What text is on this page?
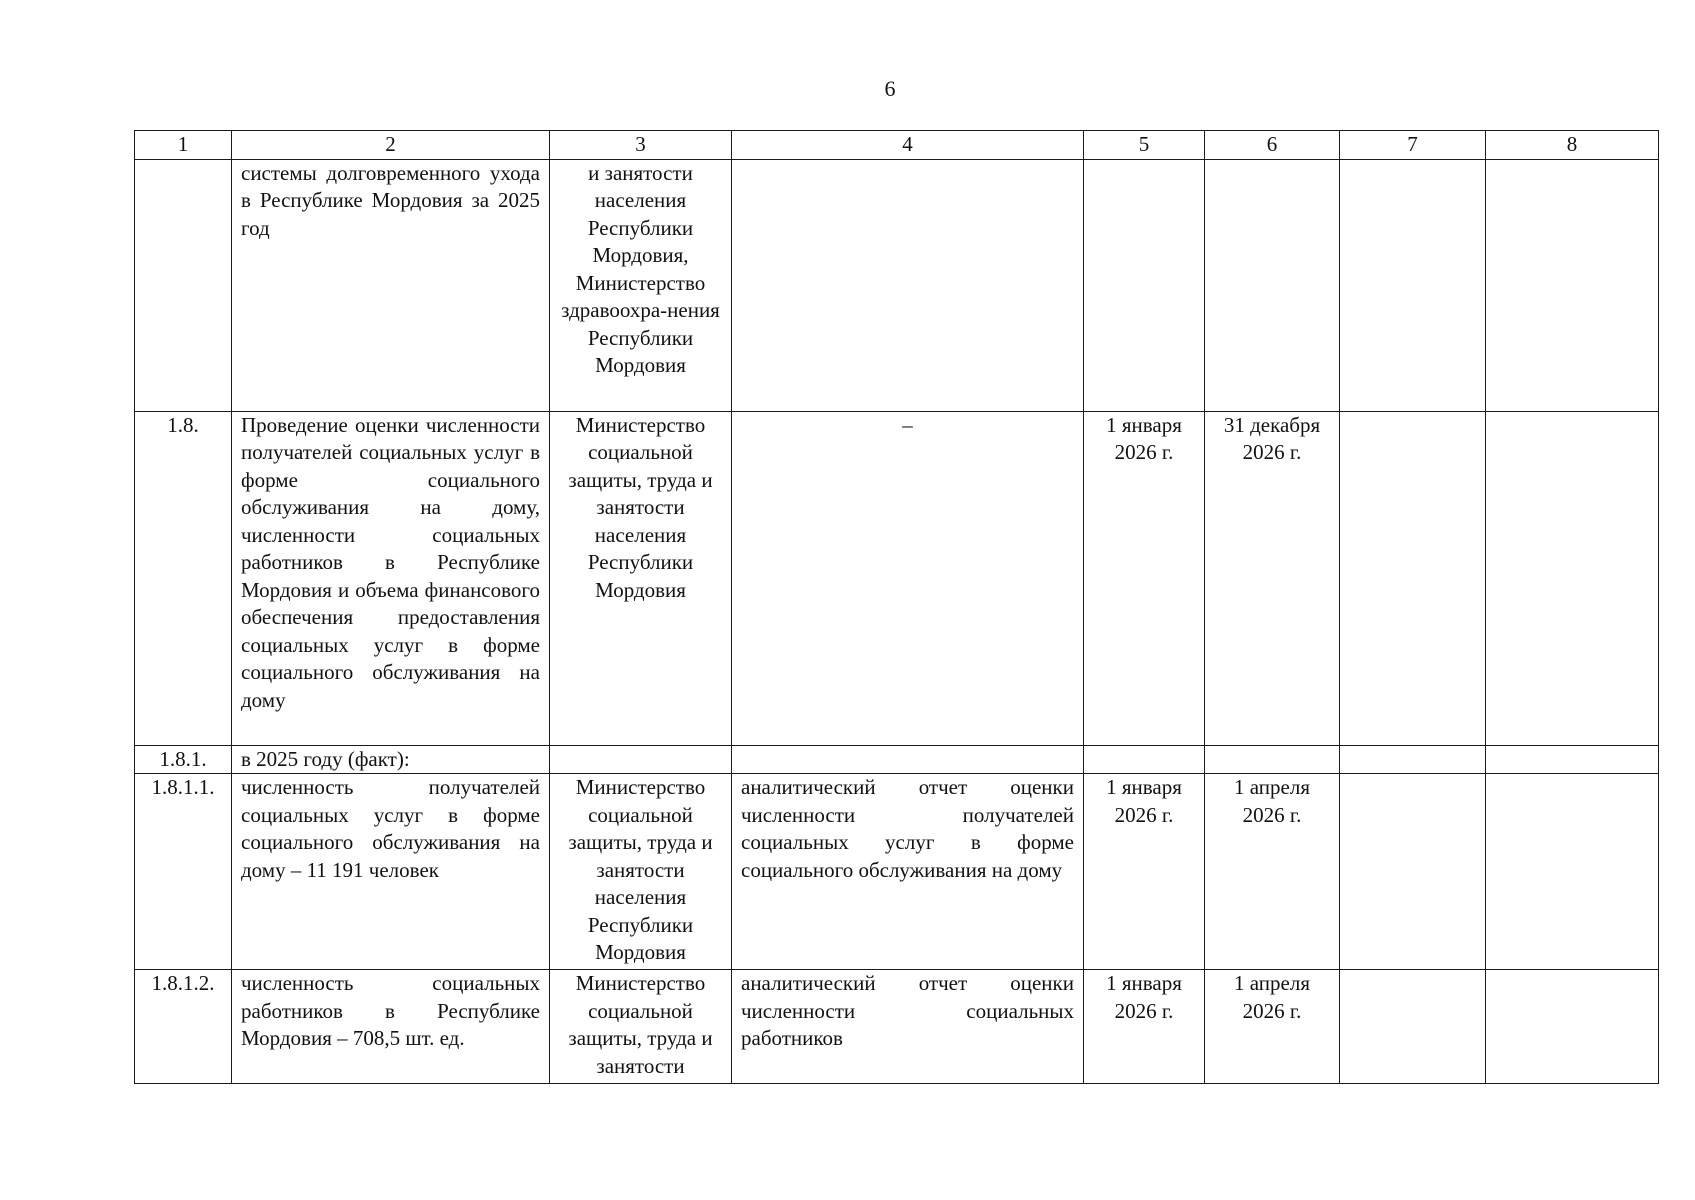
6
1	2	3	4	5	6	7	8
	системы долговременного ухода в Республике Мордовия за 2025 год	и занятости населения Республики Мордовия, Министерство здравоохра-нения Республики Мордовия					
1.8.	Проведение оценки численности получателей социальных услуг в форме социального обслуживания на дому, численности социальных работников в Республике Мордовия и объема финансового обеспечения предоставления социальных услуг в форме социального обслуживания на дому	Министерство социальной защиты, труда и занятости населения Республики Мордовия	–	1 января 2026 г.	31 декабря 2026 г.		
1.8.1.	в 2025 году (факт):						
1.8.1.1.	численность получателей социальных услуг в форме социального обслуживания на дому – 11 191 человек	Министерство социальной защиты, труда и занятости населения Республики Мордовия	аналитический отчет оценки численности получателей социальных услуг в форме социального обслуживания на дому	1 января 2026 г.	1 апреля 2026 г.		
1.8.1.2.	численность социальных работников в Республике Мордовия – 708,5 шт. ед.	Министерство социальной защиты, труда и занятости	аналитический отчет оценки численности социальных работников	1 января 2026 г.	1 апреля 2026 г.		
